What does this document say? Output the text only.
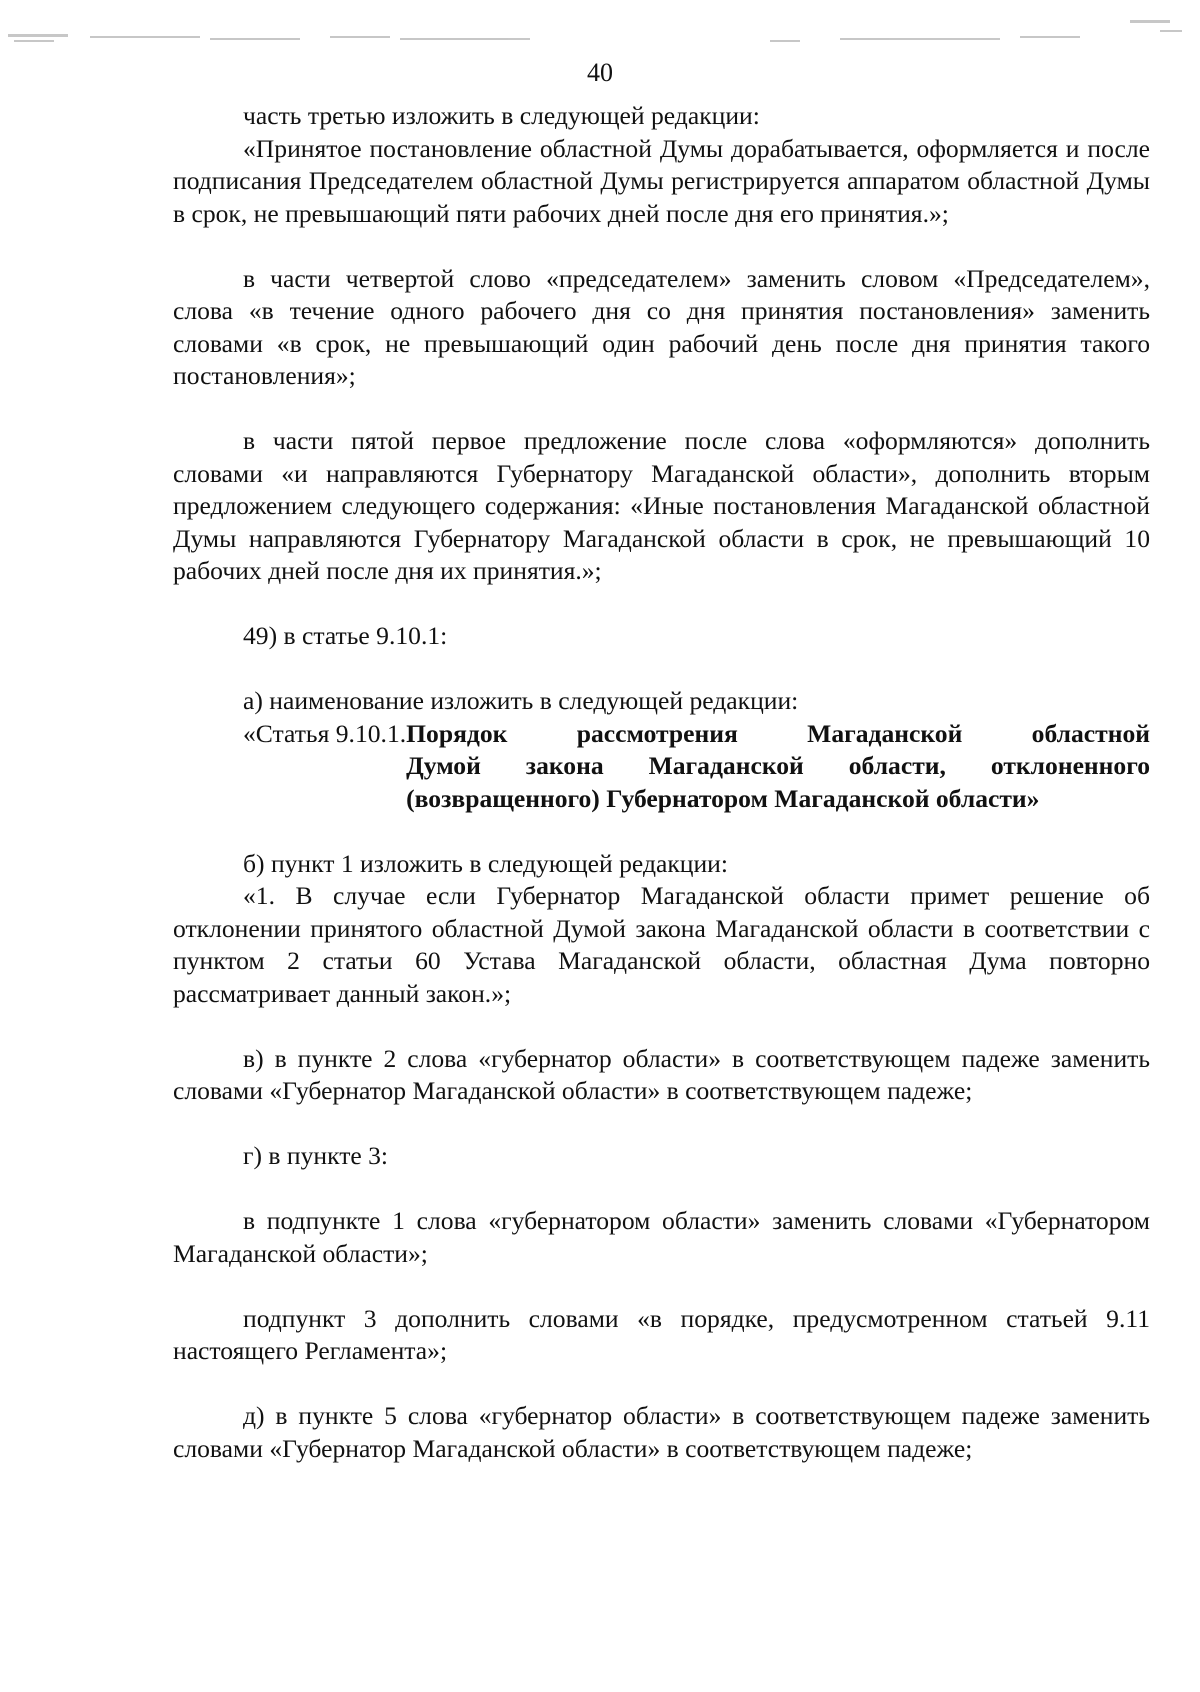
40

часть третью изложить в следующей редакции:

«Принятое постановление областной Думы дорабатывается, оформляется и после подписания Председателем областной Думы регистрируется аппаратом областной Думы в срок, не превышающий пяти рабочих дней после дня его принятия.»;

в части четвертой слово «председателем» заменить словом «Председателем», слова «в течение одного рабочего дня со дня принятия постановления» заменить словами «в срок, не превышающий один рабочий день после дня принятия такого постановления»;

в части пятой первое предложение после слова «оформляются» дополнить словами «и направляются Губернатору Магаданской области», дополнить вторым предложением следующего содержания: «Иные постановления Магаданской областной Думы направляются Губернатору Магаданской области в срок, не превышающий 10 рабочих дней после дня их принятия.»;

49) в статье 9.10.1:

а) наименование изложить в следующей редакции:

«Статья 9.10.1. Порядок рассмотрения Магаданской областной
Думой закона Магаданской области, отклоненного (возвращенного) Губернатором Магаданской области»

б) пункт 1 изложить в следующей редакции:

«1. В случае если Губернатор Магаданской области примет решение об отклонении принятого областной Думой закона Магаданской области в соответствии с пунктом 2 статьи 60 Устава Магаданской области, областная Дума повторно рассматривает данный закон.»;

в) в пункте 2 слова «губернатор области» в соответствующем падеже заменить словами «Губернатор Магаданской области» в соответствующем падеже;

г) в пункте 3:

в подпункте 1 слова «губернатором области» заменить словами «Губернатором Магаданской области»;

подпункт 3 дополнить словами «в порядке, предусмотренном статьей 9.11 настоящего Регламента»;

д) в пункте 5 слова «губернатор области» в соответствующем падеже заменить словами «Губернатор Магаданской области» в соответствующем падеже;
